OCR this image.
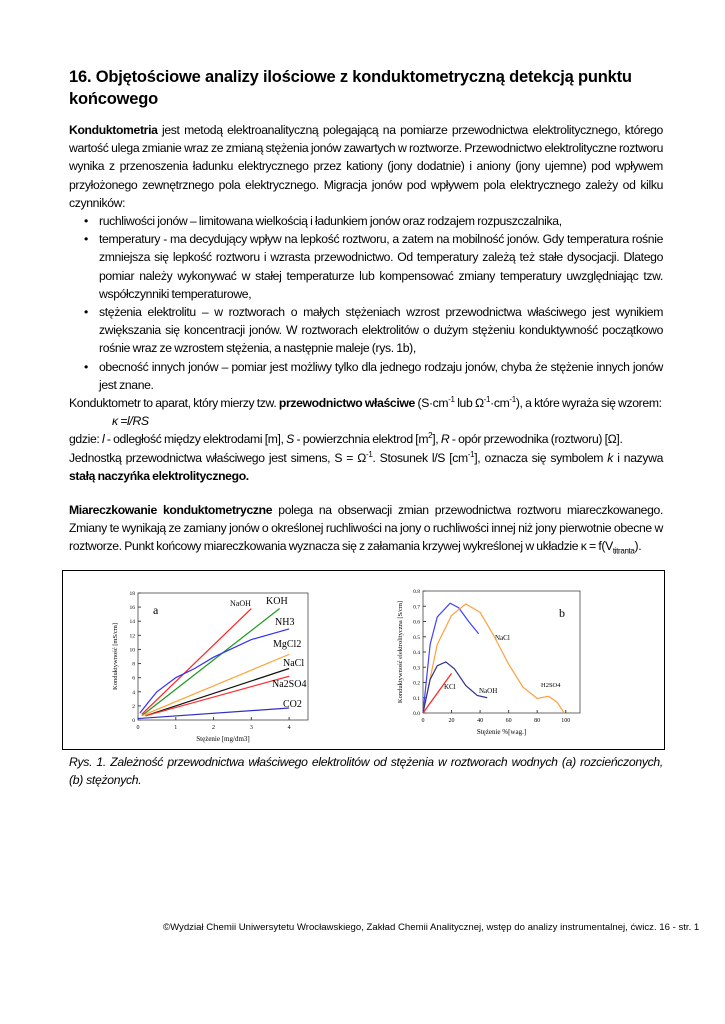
16. Objętościowe analizy ilościowe z konduktometryczną detekcją punktu końcowego
Konduktometria jest metodą elektroanalityczną polegającą na pomiarze przewodnictwa elektrolitycznego, którego wartość ulega zmianie wraz ze zmianą stężenia jonów zawartych w roztworze. Przewodnictwo elektrolityczne roztworu wynika z przenoszenia ładunku elektrycznego przez kationy (jony dodatnie) i aniony (jony ujemne) pod wpływem przyłożonego zewnętrznego pola elektrycznego. Migracja jonów pod wpływem pola elektrycznego zależy od kilku czynników:
• ruchliwości jonów – limitowana wielkością i ładunkiem jonów oraz rodzajem rozpuszczalnika,
• temperatury - ma decydujący wpływ na lepkość roztworu, a zatem na mobilność jonów. Gdy temperatura rośnie zmniejsza się lepkość roztworu i wzrasta przewodnictwo. Od temperatury zależą też stałe dysocjacji. Dlatego pomiar należy wykonywać w stałej temperaturze lub kompensować zmiany temperatury uwzględniając tzw. współczynniki temperaturowe,
• stężenia elektrolitu – w roztworach o małych stężeniach wzrost przewodnictwa właściwego jest wynikiem zwiększania się koncentracji jonów. W roztworach elektrolitów o dużym stężeniu konduktywność początkowo rośnie wraz ze wzrostem stężenia, a następnie maleje (rys. 1b),
• obecność innych jonów – pomiar jest możliwy tylko dla jednego rodzaju jonów, chyba że stężenie innych jonów jest znane.
Konduktometr to aparat, który mierzy tzw. przewodnictwo właściwe ($S\cdot cm^{-1}$ lub $\Omega^{-1}\cdot cm^{-1}$), a które wyraża się wzorem:
κ =l/RS
gdzie: l - odległość między elektrodami [m], S - powierzchnia elektrod $[m^2]$, R - opór przewodnika (roztworu) [Ω].
Jednostką przewodnictwa właściwego jest simens, $S = \Omega^{-1}$. Stosunek l/S $[cm^{-1}]$, oznacza się symbolem k i nazywa stałą naczyńka elektrolitycznego.
Miareczkowanie konduktometryczne polega na obserwacji zmian przewodnictwa roztworu miareczkowanego. Zmiany te wynikają ze zamiany jonów o określonej ruchliwości na jony o ruchliwości innej niż jony pierwotnie obecne w roztworze. Punkt końcowy miareczkowania wyznacza się z załamania krzywej wykreślonej w układzie $\kappa = f(V_{titranta})$.
0	1	2	3	4
0
2
4
6
8
10
12
14
16
18
Stężenie [mg/dm3]
Konduktywność [mS/cm]
NaOH KOH
NH3
MgCl2
NaCl
Na2SO4
CO2
a
0	20	40	60	80	100
0.0
0.1
0.2
0.3
0.4
0.5
0.6
0.7
0.8
Stężenie %[wag.]
Konduktywność elektrolityczna [S/cm]	NaCl
H2SO4
NaOH
KCl
b
Rys. 1. Zależność przewodnictwa właściwego elektrolitów od stężenia w roztworach wodnych (a) rozcieńczonych, (b) stężonych.
©Wydział Chemii Uniwersytetu Wrocławskiego, Zakład Chemii Analitycznej, wstęp do analizy instrumentalnej, ćwicz. 16 - str. 1
